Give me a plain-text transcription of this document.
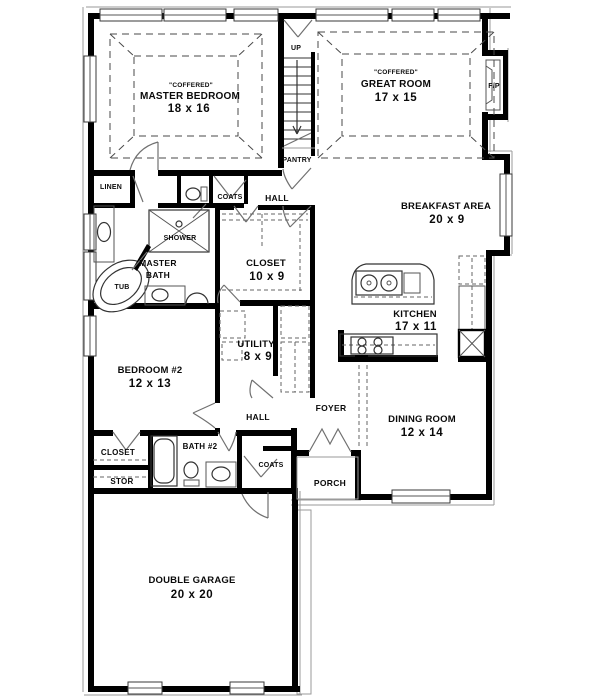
F/P
UP
PANTRY
"COFFERED"
MASTER BEDROOM
18 x 16
"COFFERED"
GREAT ROOM
17 x 15
BREAKFAST AREA
20 x 9
KITCHEN
17 x 11
CLOSET
10 x 9
UTILITY
8 x 9
BEDROOM #2
12 x 13
DINING ROOM
12 x 14
DOUBLE GARAGE
20 x 20
MASTER
BATH
LINEN
COATS	HALL
SHOWER
TUB
HALL
FOYER
PORCH
COATS
BATH #2
CLOSET
STOR
